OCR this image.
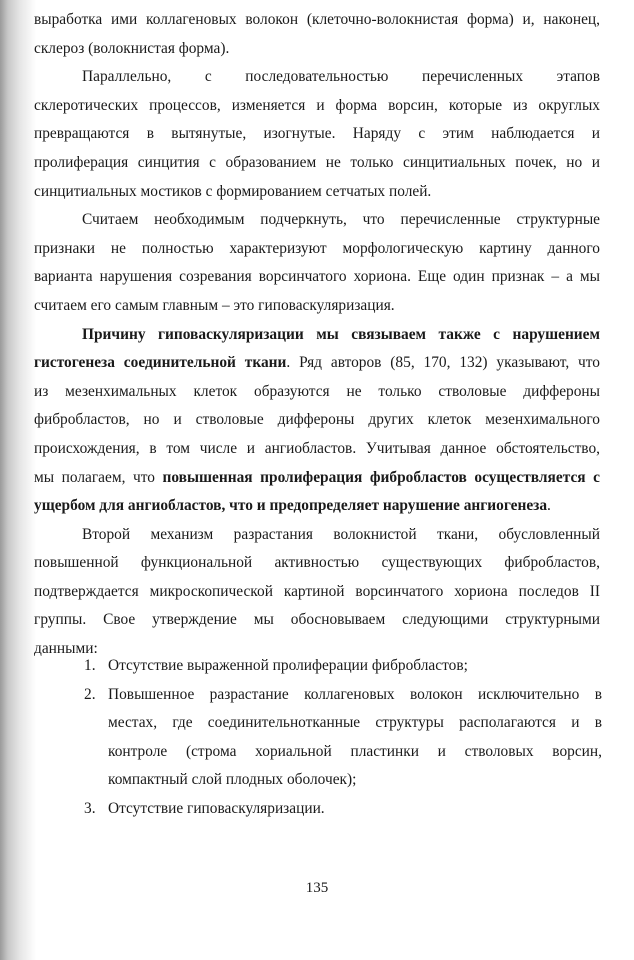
выработка ими коллагеновых волокон (клеточно-волокнистая форма) и, наконец,
склероз (волокнистая форма).

Параллельно, с последовательностью перечисленных этапов
склеротических процессов, изменяется и форма ворсин, которые из округлых
превращаются в вытянутые, изогнутые. Наряду с этим наблюдается и
пролиферация синцития с образованием не только синцитиальных почек, но и
синцитиальных мостиков с формированием сетчатых полей.

Считаем необходимым подчеркнуть, что перечисленные структурные
признаки не полностью характеризуют морфологическую картину данного
варианта нарушения созревания ворсинчатого хориона. Еще один признак – а мы
считаем его самым главным – это гиповаскуляризация.

Причину гиповаскуляризации мы связываем также с нарушением
гистогенеза соединительной ткани. Ряд авторов (85, 170, 132) указывают, что
из мезенхимальных клеток образуются не только стволовые диффероны
фибробластов, но и стволовые диффероны других клеток мезенхимального
происхождения, в том числе и ангиобластов. Учитывая данное обстоятельство,
мы полагаем, что повышенная пролиферация фибробластов осуществляется с
ущербом для ангиобластов, что и предопределяет нарушение ангиогенеза.

Второй механизм разрастания волокнистой ткани, обусловленный
повышенной функциональной активностью существующих фибробластов,
подтверждается микроскопической картиной ворсинчатого хориона последов II
группы. Свое утверждение мы обосновываем следующими структурными
данными:

1. Отсутствие выраженной пролиферации фибробластов;
2. Повышенное разрастание коллагеновых волокон исключительно в
местах, где соединительнотканные структуры располагаются и в
контроле (строма хориальной пластинки и стволовых ворсин,
компактный слой плодных оболочек);
3. Отсутствие гиповаскуляризации.
135
